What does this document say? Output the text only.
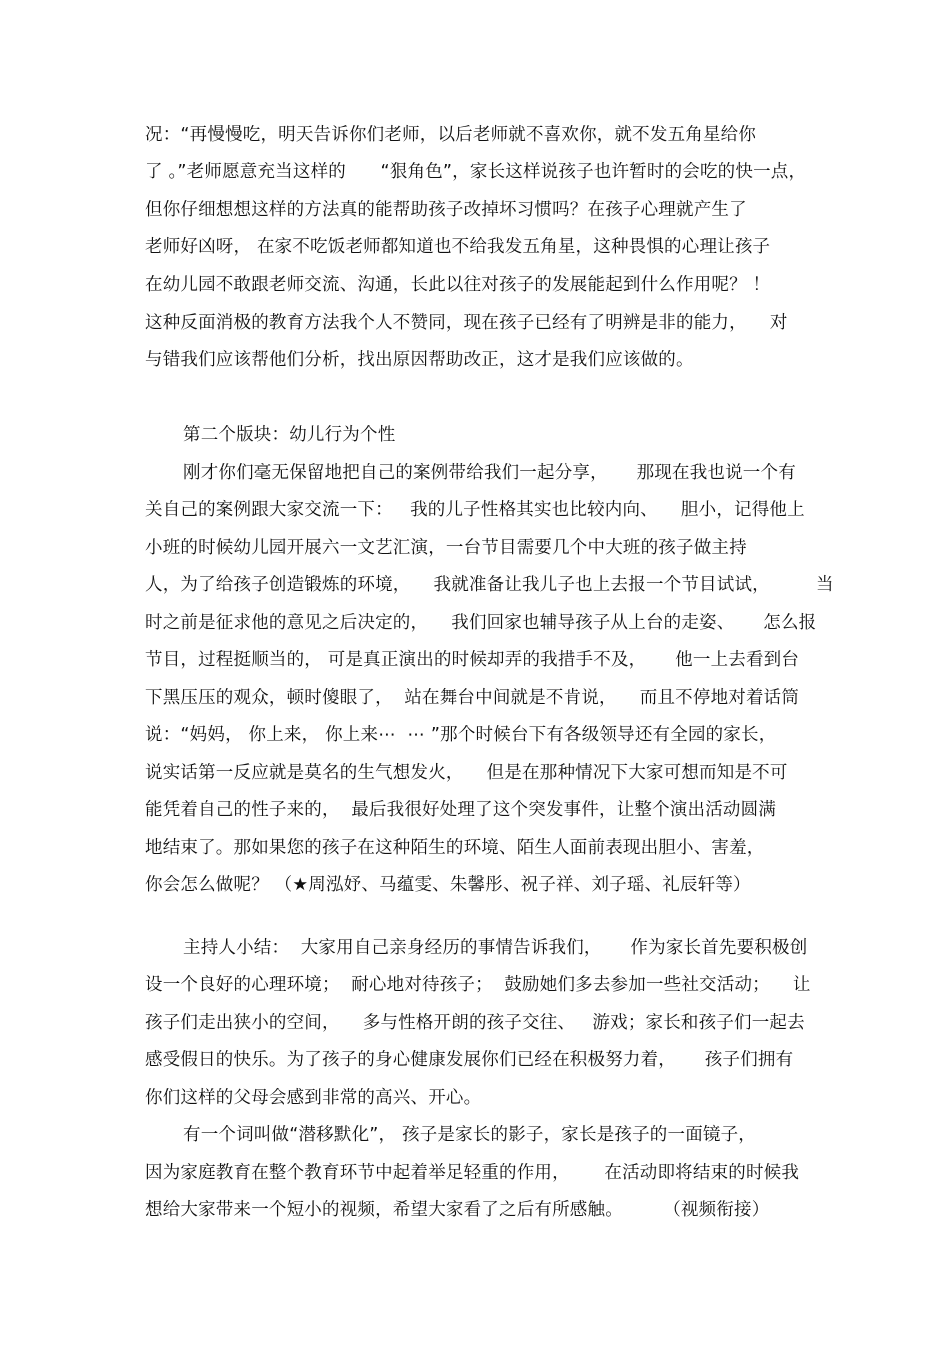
况：“再慢慢吃，明天告诉你们老师，以后老师就不喜欢你，就不发五角星给你
了 。”老师愿意充当这样的      “狠角色”，家长这样说孩子也许暂时的会吃的快一点，
但你仔细想想这样的方法真的能帮助孩子改掉坏习惯吗？在孩子心理就产生了
老师好凶呀， 在家不吃饭老师都知道也不给我发五角星，这种畏惧的心理让孩子
在幼儿园不敢跟老师交流、沟通，长此以往对孩子的发展能起到什么作用呢？ ！
这种反面消极的教育方法我个人不赞同，现在孩子已经有了明辨是非的能力，    对
与错我们应该帮他们分析，找出原因帮助改正，这才是我们应该做的。
第二个版块：幼儿行为个性
刚才你们毫无保留地把自己的案例带给我们一起分享，     那现在我也说一个有
关自己的案例跟大家交流一下：   我的儿子性格其实也比较内向、    胆小，记得他上
小班的时候幼儿园开展六一文艺汇演，一台节目需要几个中大班的孩子做主持
人，为了给孩子创造锻炼的环境，    我就准备让我儿子也上去报一个节目试试，        当
时之前是征求他的意见之后决定的，    我们回家也辅导孩子从上台的走姿、     怎么报
节目，过程挺顺当的， 可是真正演出的时候却弄的我措手不及，     他一上去看到台
下黑压压的观众，顿时傻眼了，  站在舞台中间就是不肯说，    而且不停地对着话筒
说：“妈妈， 你上来， 你上来⋯  ⋯ ”那个时候台下有各级领导还有全园的家长，
说实话第一反应就是莫名的生气想发火，    但是在那种情况下大家可想而知是不可
能凭着自己的性子来的，  最后我很好处理了这个突发事件，让整个演出活动圆满
地结束了。那如果您的孩子在这种陌生的环境、陌生人面前表现出胆小、害羞，
你会怎么做呢？ （★周泓妤、马蕴雯、朱馨彤、祝子祥、刘子瑶、礼辰轩等）
主持人小结：  大家用自己亲身经历的事情告诉我们，     作为家长首先要积极创
设一个良好的心理环境；  耐心地对待孩子；  鼓励她们多去参加一些社交活动；    让
孩子们走出狭小的空间，    多与性格开朗的孩子交往、   游戏；家长和孩子们一起去
感受假日的快乐。为了孩子的身心健康发展你们已经在积极努力着，     孩子们拥有
你们这样的父母会感到非常的高兴、开心。
有一个词叫做“潜移默化”， 孩子是家长的影子，家长是孩子的一面镜子，
因为家庭教育在整个教育环节中起着举足轻重的作用，      在活动即将结束的时候我
想给大家带来一个短小的视频，希望大家看了之后有所感触。       （视频衔接）
